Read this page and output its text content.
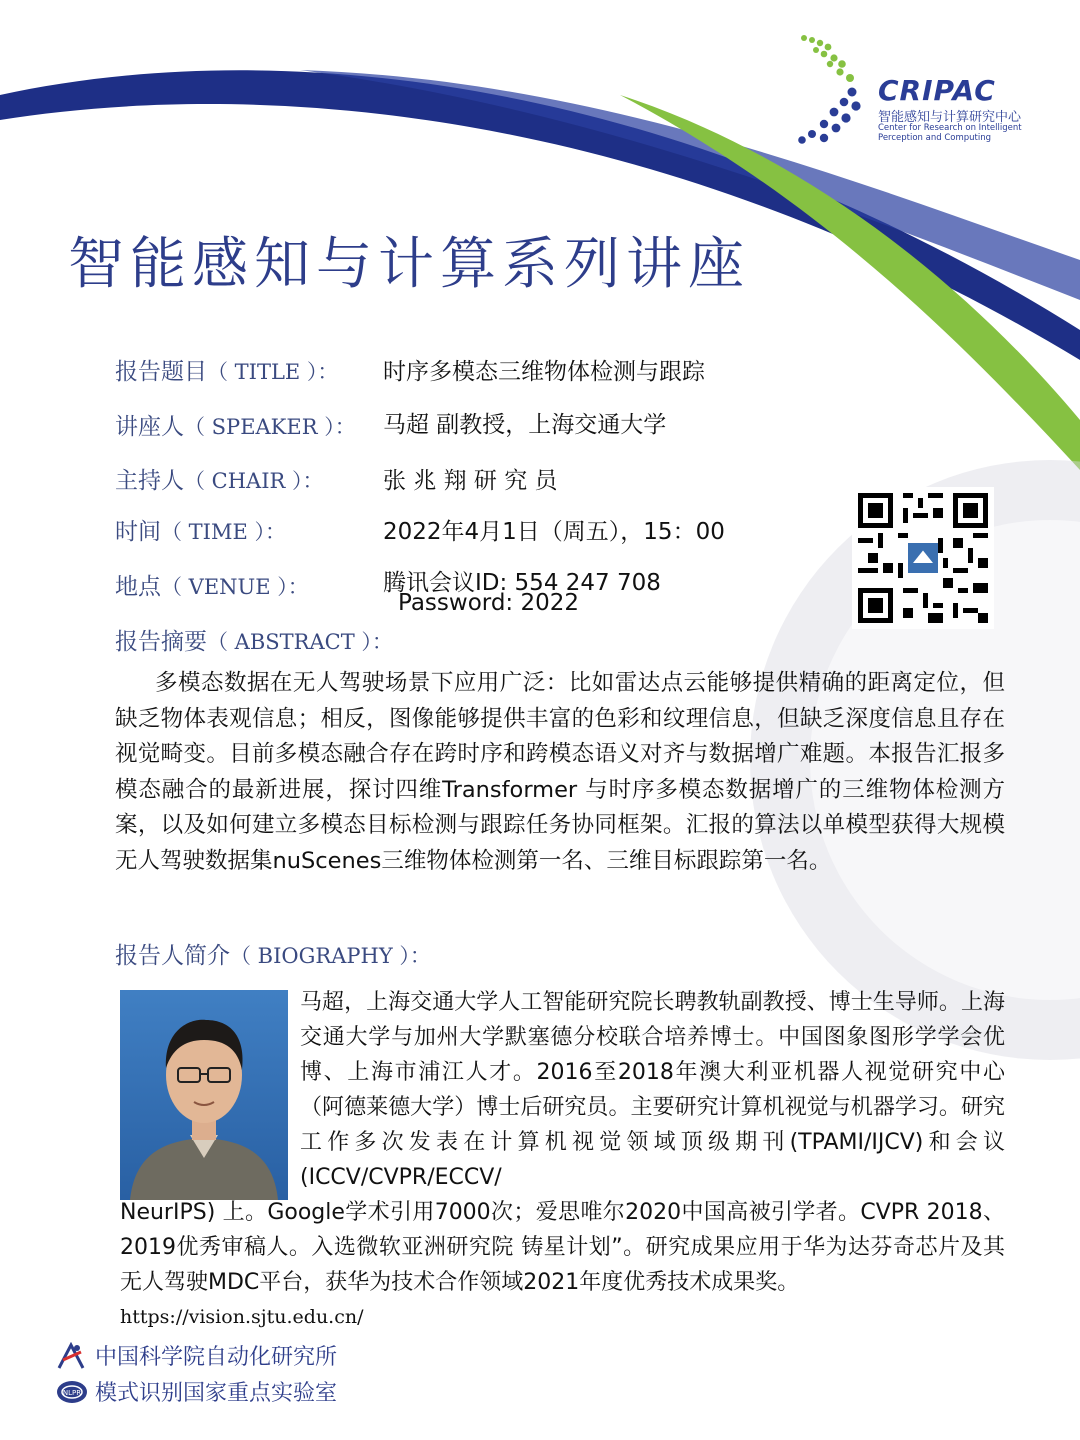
CRIPAC
智能感知与计算研究中心
Center for Research on Intelligent
Perception and Computing
智能感知与计算系列讲座
报告题目（ TITLE ）： 时序多模态三维物体检测与跟踪
讲座人（ SPEAKER ）： 马超 副教授，上海交通大学
主持人（ CHAIR ）：	张 兆 翔 研 究 员
时间（ TIME ）：	2022年4月1日（周五），15：00
地点（ VENUE ）：	腾讯会议ID: 554 247 708
Password: 2022
报告摘要（ ABSTRACT ）：

多模态数据在无人驾驶场景下应用广泛：比如雷达点云能够提供精确的距离定位，但缺乏物体表观信息；相反，图像能够提供丰富的色彩和纹理信息，但缺乏深度信息且存在视觉畸变。目前多模态融合存在跨时序和跨模态语义对齐与数据增广难题。本报告汇报多模态融合的最新进展，探讨四维Transformer 与时序多模态数据增广的三维物体检测方案，以及如何建立多模态目标检测与跟踪任务协同框架。汇报的算法以单模型获得大规模无人驾驶数据集nuScenes三维物体检测第一名、三维目标跟踪第一名。

报告人简介（ BIOGRAPHY ）：

马超，上海交通大学人工智能研究院长聘教轨副教授、博士生导师。上海交通大学与加州大学默塞德分校联合培养博士。中国图象图形学学会优博、上海市浦江人才。2016至2018年澳大利亚机器人视觉研究中心（阿德莱德大学）博士后研究员。主要研究计算机视觉与机器学习。研究工作多次发表在计算机视觉领域顶级期刊(TPAMI/IJCV)和会议 (ICCV/CVPR/ECCV/

NeurIPS) 上。Google学术引用7000次；爱思唯尔2020中国高被引学者。CVPR 2018、2019优秀审稿人。入选微软亚洲研究院 铸星计划”。研究成果应用于华为达芬奇芯片及其无人驾驶MDC平台，获华为技术合作领域2021年度优秀技术成果奖。

https://vision.sjtu.edu.cn/
中国科学院自动化研究所
NLPR 模式识别国家重点实验室
